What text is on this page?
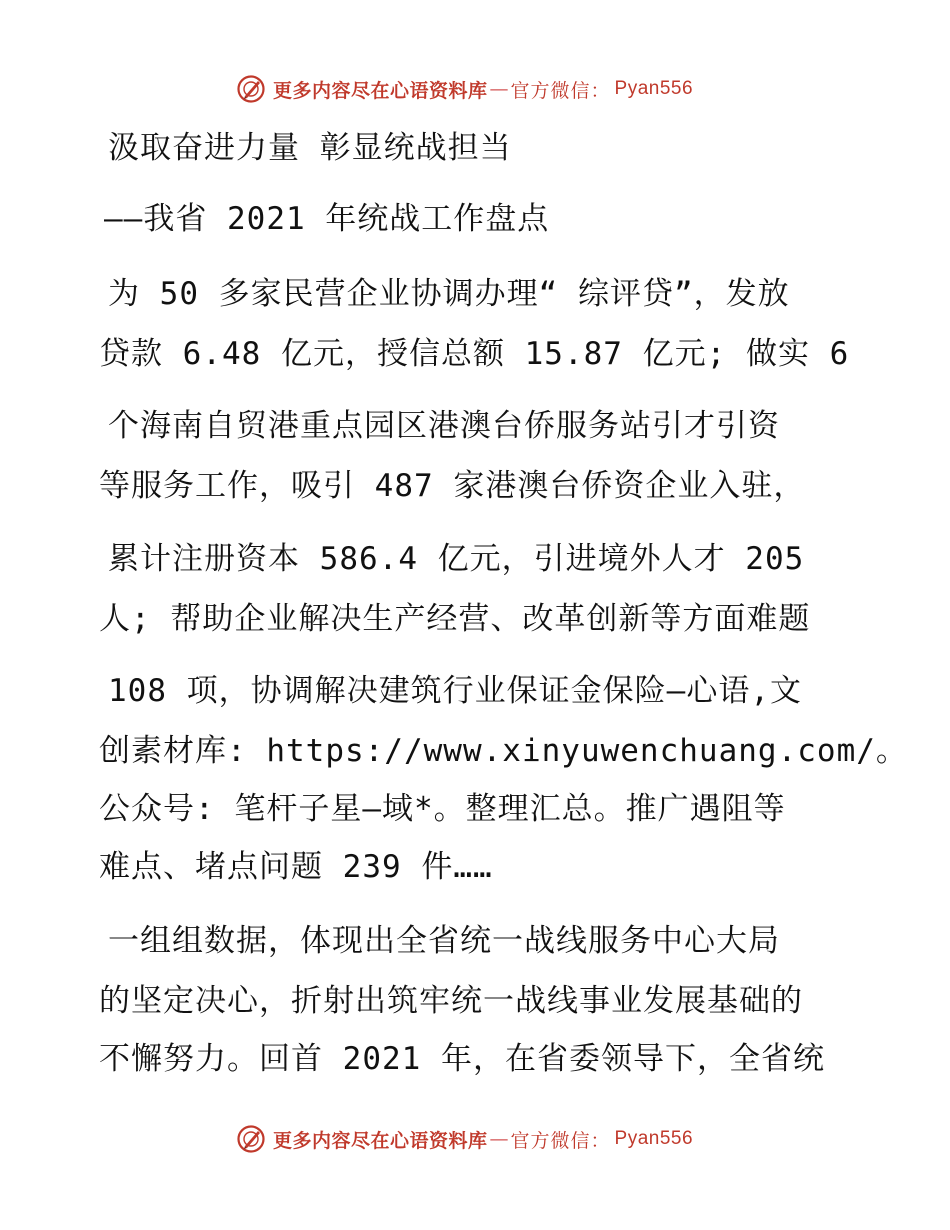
更多内容尽在心语资料库 — 官方微信： Pyan556
汲取奋进力量 彰显统战担当
——我省 2021 年统战工作盘点
为 50 多家民营企业协调办理“ 综评贷”，发放
贷款 6.48 亿元，授信总额 15.87 亿元; 做实 6
个海南自贸港重点园区港澳台侨服务站引才引资
等服务工作，吸引 487 家港澳台侨资企业入驻，
累计注册资本 586.4 亿元，引进境外人才 205
人; 帮助企业解决生产经营、改革创新等方面难题
108 项，协调解决建筑行业保证金保险—心语,文
创素材库: https://www.xinyuwenchuang.com/。
公众号: 笔杆子星—域*。整理汇总。推广遇阻等
难点、堵点问题 239 件……
一组组数据，体现出全省统一战线服务中心大局
的坚定决心，折射出筑牢统一战线事业发展基础的
不懈努力。回首 2021 年，在省委领导下，全省统
更多内容尽在心语资料库 — 官方微信： Pyan556
